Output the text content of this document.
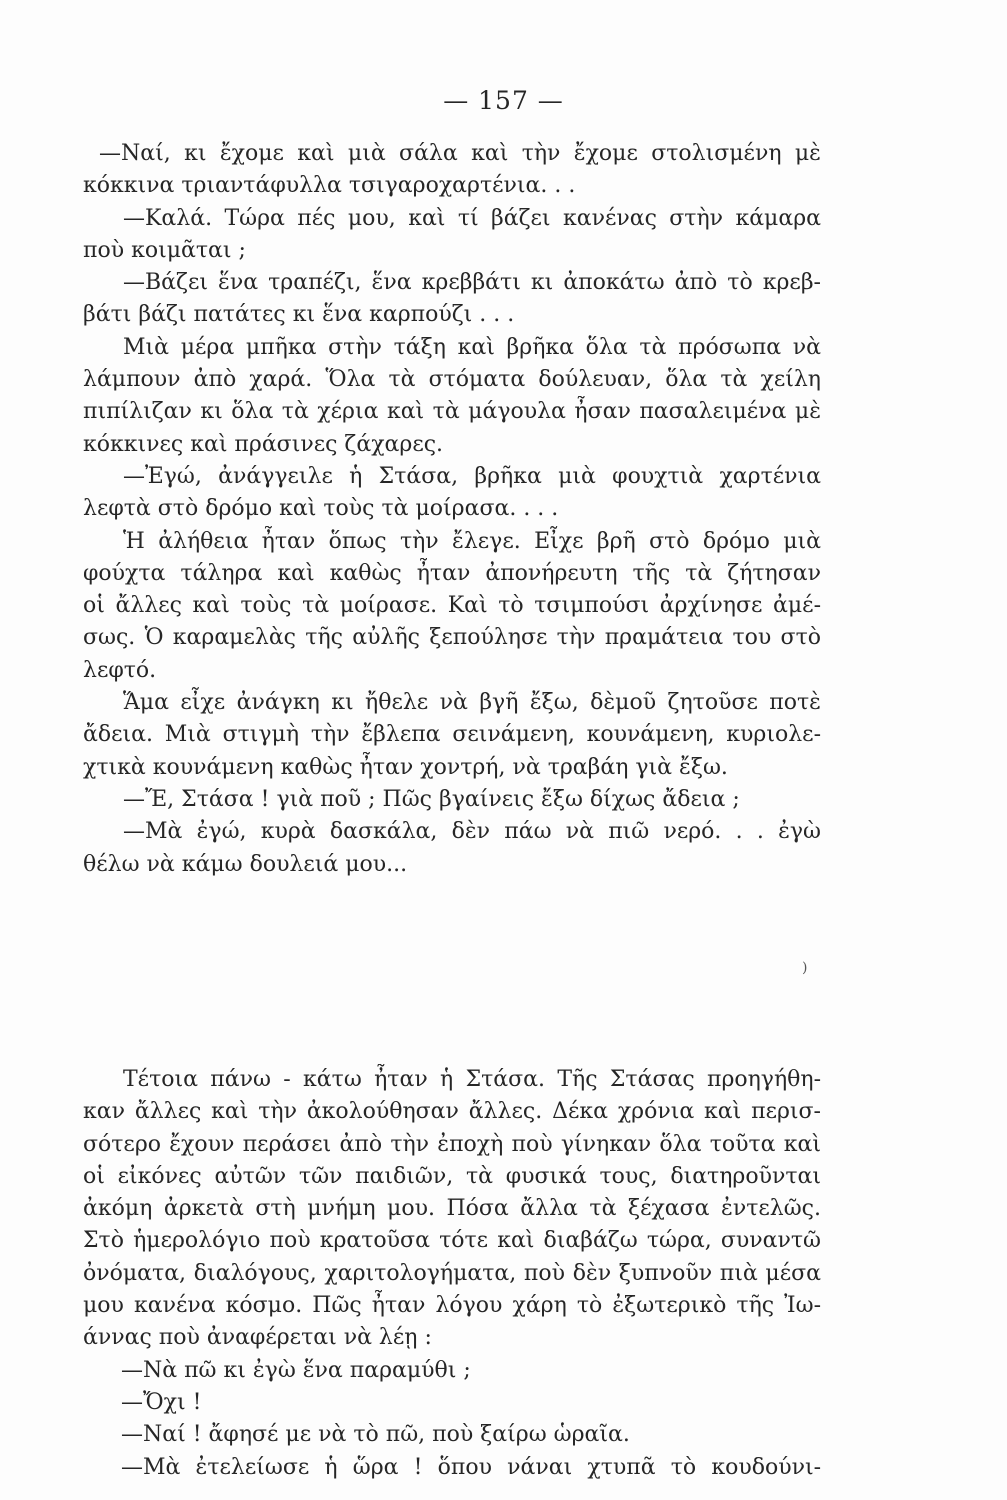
— 157 —
—Ναί, κι ἔχομε καὶ μιὰ σάλα καὶ τὴν ἔχομε στολισμένη μὲ
κόκκινα τριαντάφυλλα τσιγαροχαρτένια. . .
—Καλά. Τώρα πές μου, καὶ τί βάζει κανένας στὴν κάμαρα
ποὺ κοιμᾶται ;
—Βάζει ἕνα τραπέζι, ἕνα κρεββάτι κι ἀποκάτω ἀπὸ τὸ κρεβ-
βάτι βάζι πατάτες κι ἕνα καρπούζι . . .
Μιὰ μέρα μπῆκα στὴν τάξη καὶ βρῆκα ὅλα τὰ πρόσωπα νὰ
λάμπουν ἀπὸ χαρά. Ὅλα τὰ στόματα δούλευαν, ὅλα τὰ χείλη
πιπίλιζαν κι ὅλα τὰ χέρια καὶ τὰ μάγουλα ἦσαν πασαλειμένα μὲ
κόκκινες καὶ πράσινες ζάχαρες.
—Ἐγώ, ἀνάγγειλε ἡ Στάσα, βρῆκα μιὰ φουχτιὰ χαρτένια
λεφτὰ στὸ δρόμο καὶ τοὺς τὰ μοίρασα. . . .
Ἡ ἀλήθεια ἦταν ὅπως τὴν ἔλεγε. Εἶχε βρῆ στὸ δρόμο μιὰ
φούχτα τάληρα καὶ καθὼς ἦταν ἀπονήρευτη τῆς τὰ ζήτησαν
οἱ ἄλλες καὶ τοὺς τὰ μοίρασε. Καὶ τὸ τσιμπούσι ἀρχίνησε ἀμέ-
σως. Ὁ καραμελὰς τῆς αὐλῆς ξεπούλησε τὴν πραμάτεια του στὸ
λεφτό.
Ἅμα εἶχε ἀνάγκη κι ἤθελε νὰ βγῆ ἔξω, δὲμοῦ ζητοῦσε ποτὲ
ἄδεια. Μιὰ στιγμὴ τὴν ἔβλεπα σεινάμενη, κουνάμενη, κυριολε-
χτικὰ κουνάμενη καθὼς ἦταν χοντρή, νὰ τραβάη γιὰ ἔξω.
—Ἔ, Στάσα ! γιὰ ποῦ ; Πῶς βγαίνεις ἔξω δίχως ἄδεια ;
—Μὰ ἐγώ, κυρὰ δασκάλα, δὲν πάω νὰ πιῶ νερό. . . ἐγὼ
θέλω νὰ κάμω δουλειά μου...
)
Τέτοια πάνω - κάτω ἦταν ἡ Στάσα. Τῆς Στάσας προηγήθη-
καν ἄλλες καὶ τὴν ἀκολούθησαν ἄλλες. Δέκα χρόνια καὶ περισ-
σότερο ἔχουν περάσει ἀπὸ τὴν ἐποχὴ ποὺ γίνηκαν ὅλα τοῦτα καὶ
οἱ εἰκόνες αὐτῶν τῶν παιδιῶν, τὰ φυσικά τους, διατηροῦνται
ἀκόμη ἀρκετὰ στὴ μνήμη μου. Πόσα ἄλλα τὰ ξέχασα ἐντελῶς.
Στὸ ἡμερολόγιο ποὺ κρατοῦσα τότε καὶ διαβάζω τώρα, συναντῶ
ὀνόματα, διαλόγους, χαριτολογήματα, ποὺ δὲν ξυπνοῦν πιὰ μέσα
μου κανένα κόσμο. Πῶς ἦταν λόγου χάρη τὸ ἐξωτερικὸ τῆς Ἰω-
άννας ποὺ ἀναφέρεται νὰ λέῃ :
—Νὰ πῶ κι ἐγὼ ἕνα παραμύθι ;
—Ὄχι !
—Ναί ! ἄφησέ με νὰ τὸ πῶ, ποὺ ξαίρω ὡραῖα.
—Μὰ ἐτελείωσε ἡ ὥρα ! ὅπου νάναι χτυπᾶ τὸ κουδούνι-
